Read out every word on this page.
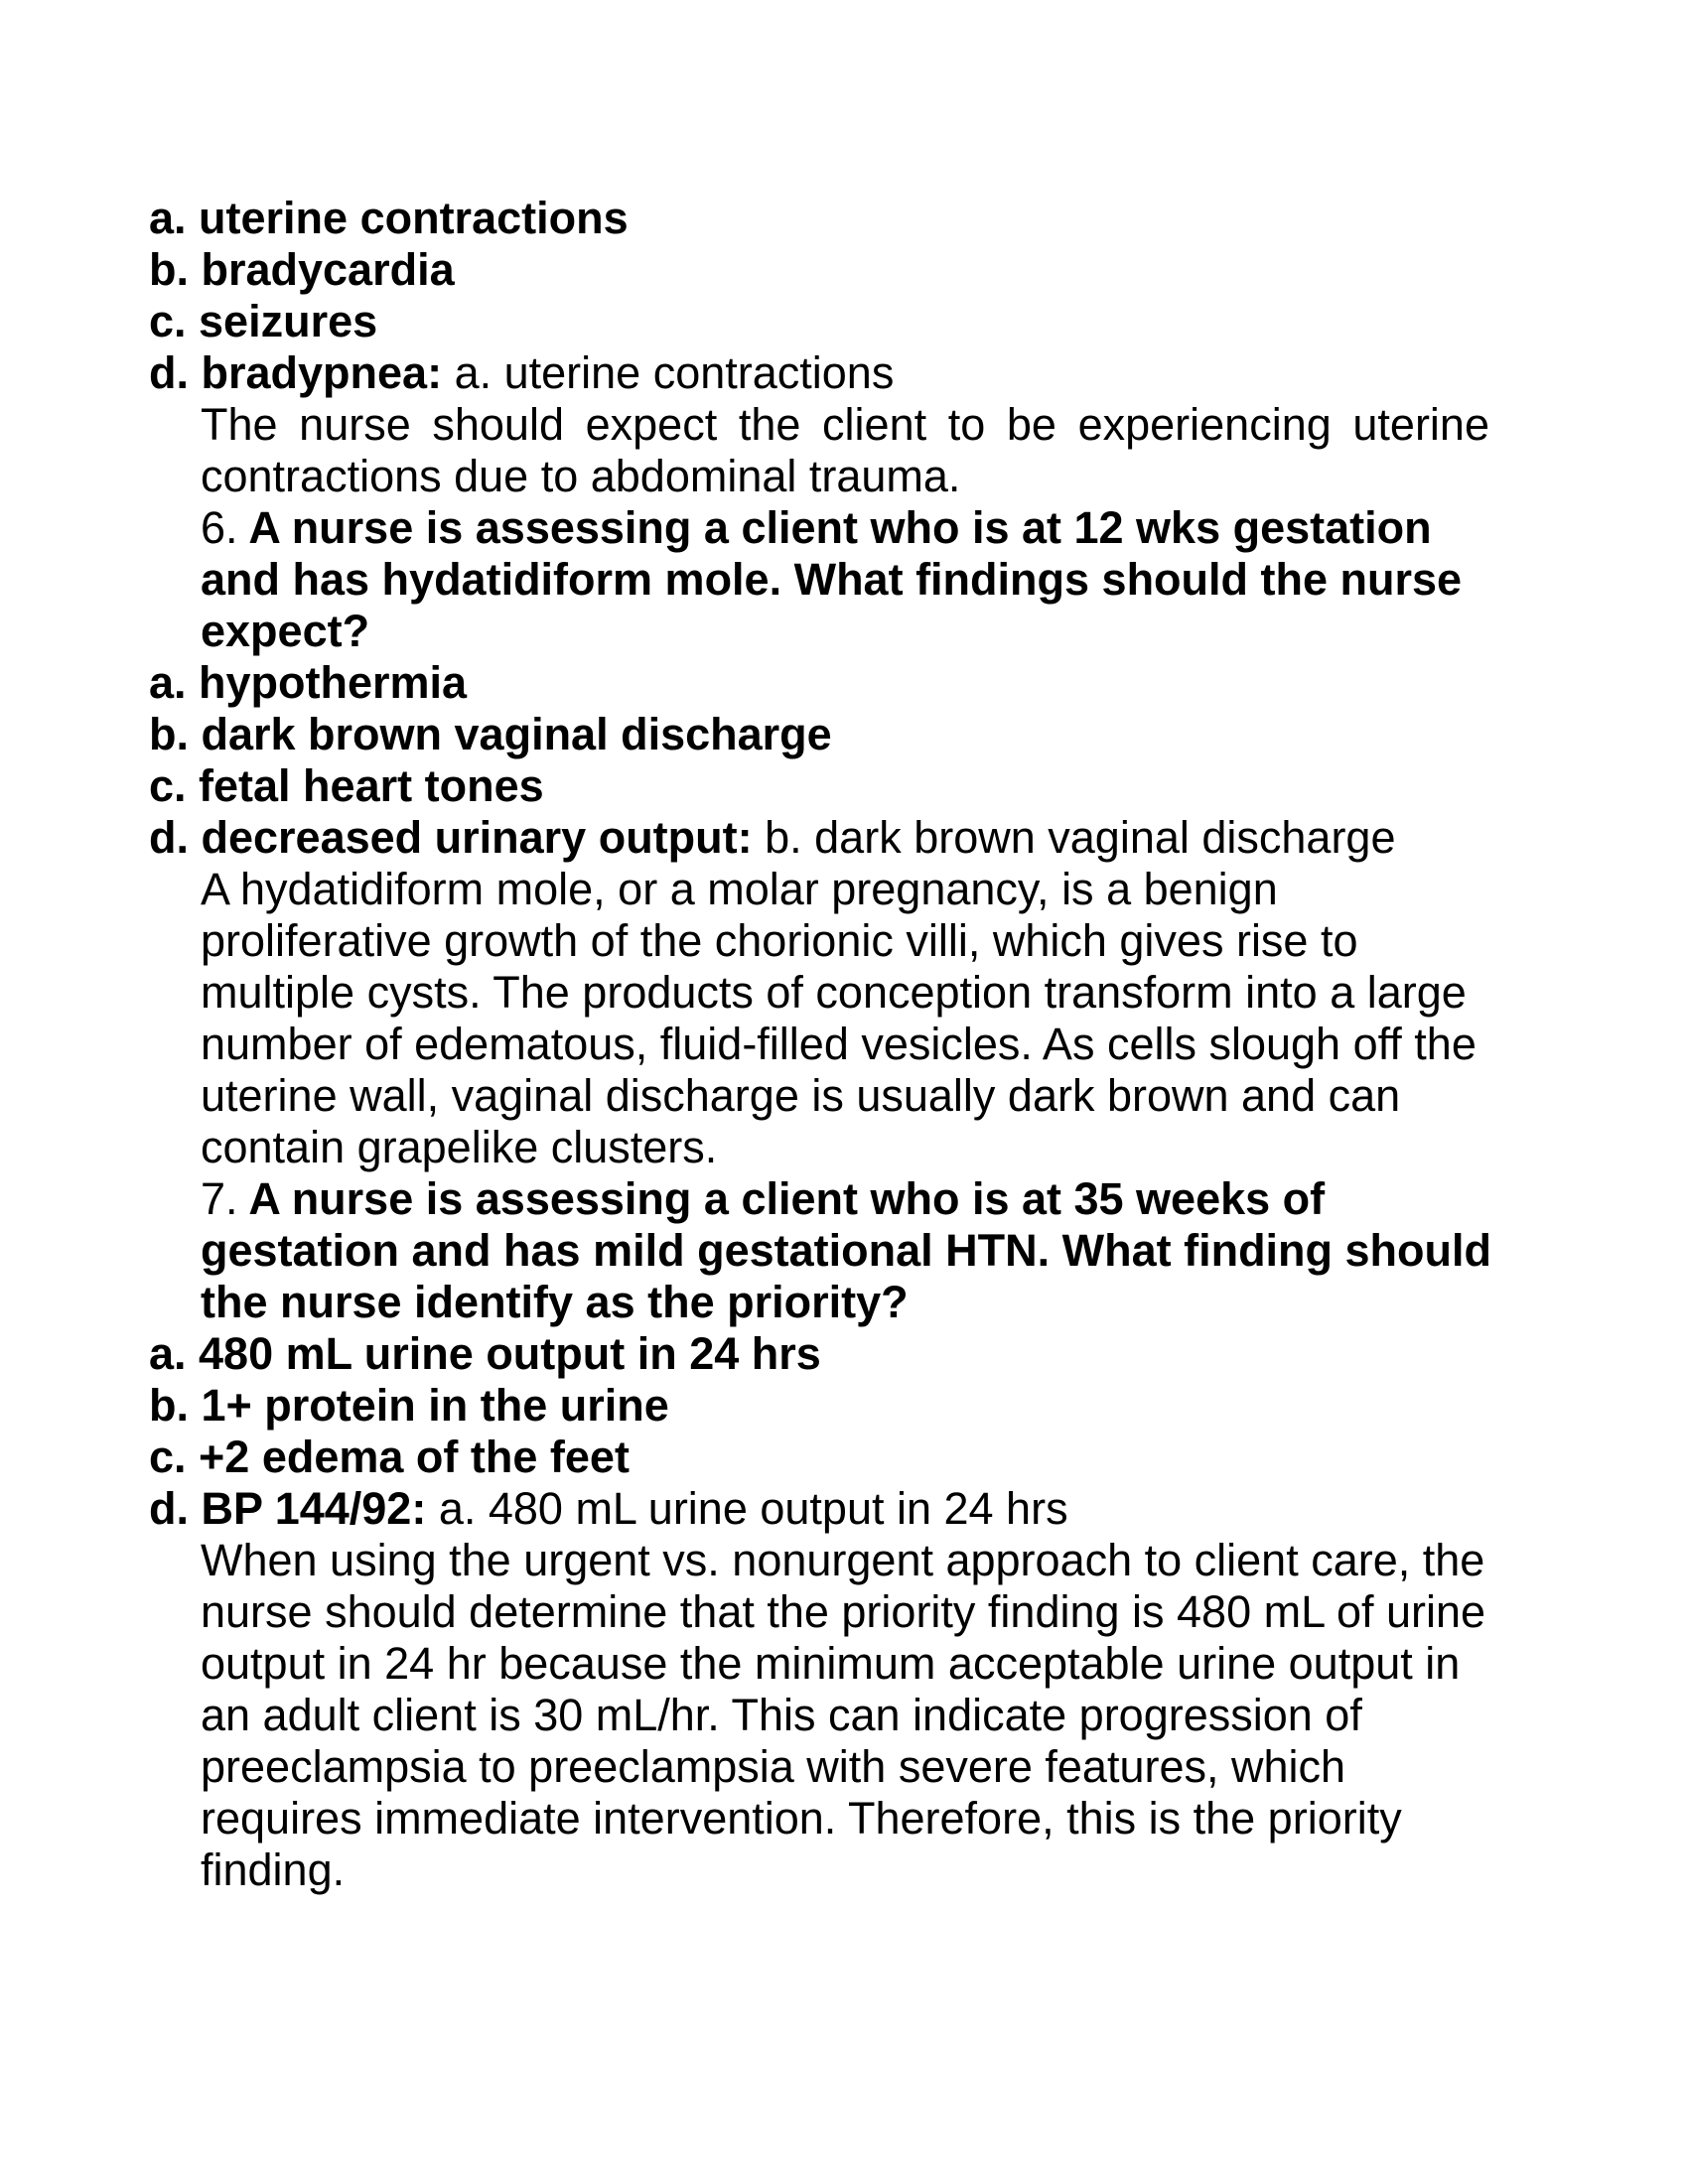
a. uterine contractions
b. bradycardia
c. seizures
d. bradypnea: a. uterine contractions
The nurse should expect the client to be experiencing uterine
contractions due to abdominal trauma.
6. A nurse is assessing a client who is at 12 wks gestation
and has hydatidiform mole. What findings should the nurse
expect?
a. hypothermia
b. dark brown vaginal discharge
c. fetal heart tones
d. decreased urinary output: b. dark brown vaginal discharge
A hydatidiform mole, or a molar pregnancy, is a benign
proliferative growth of the chorionic villi, which gives rise to
multiple cysts. The products of conception transform into a large
number of edematous, fluid-filled vesicles. As cells slough off the
uterine wall, vaginal discharge is usually dark brown and can
contain grapelike clusters.
7. A nurse is assessing a client who is at 35 weeks of
gestation and has mild gestational HTN. What finding should
the nurse identify as the priority?
a. 480 mL urine output in 24 hrs
b. 1+ protein in the urine
c. +2 edema of the feet
d. BP 144/92: a. 480 mL urine output in 24 hrs
When using the urgent vs. nonurgent approach to client care, the
nurse should determine that the priority finding is 480 mL of urine
output in 24 hr because the minimum acceptable urine output in
an adult client is 30 mL/hr. This can indicate progression of
preeclampsia to preeclampsia with severe features, which
requires immediate intervention. Therefore, this is the priority
finding.
